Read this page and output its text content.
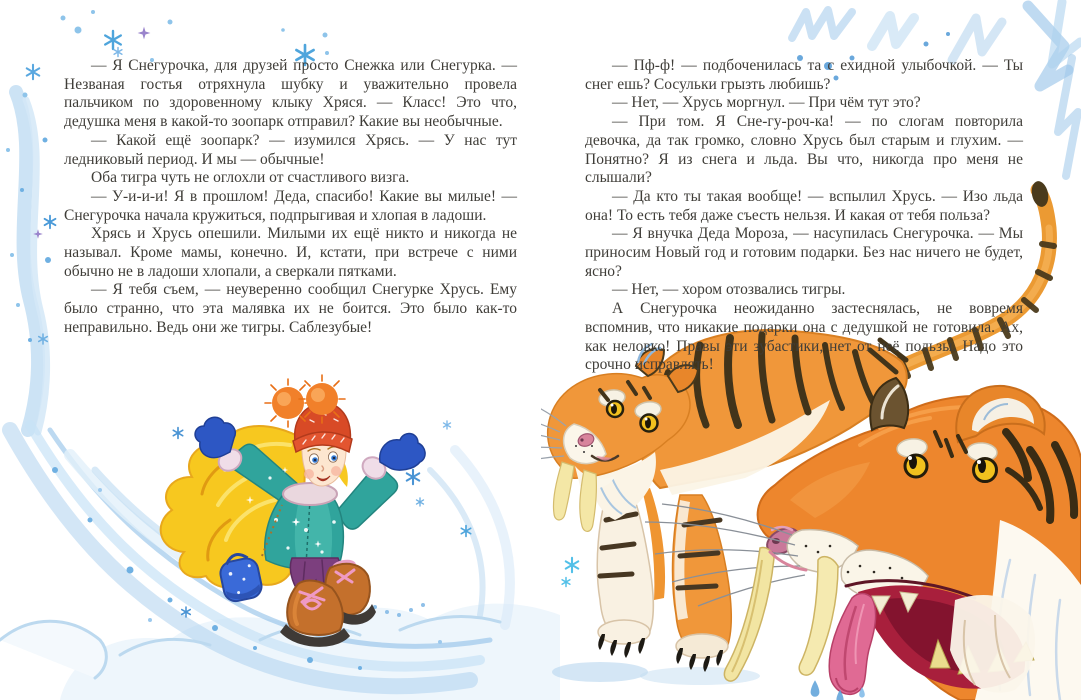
— Я Снегурочка, для друзей просто Снежка или Снегурка. — Незваная гостья отряхнула шубку и уважительно провела пальчиком по здоровенному клыку Хряся. — Класс! Это что, дедушка меня в какой-то зоопарк отправил? Какие вы необычные.

— Какой ещё зоопарк? — изумился Хрясь. — У нас тут ледниковый период. И мы — обычные!

Оба тигра чуть не оглохли от счастливого визга.

— У-и-и-и! Я в прошлом! Деда, спасибо! Какие вы милые! — Снегурочка начала кружиться, подпрыгивая и хлопая в ладоши.

Хрясь и Хрусь опешили. Милыми их ещё никто и никогда не называл. Кроме мамы, конечно. И, кстати, при встрече с ними обычно не в ладоши хлопали, а сверкали пятками.

— Я тебя съем, — неуверенно сообщил Снегурке Хрусь. Ему было странно, что эта малявка их не боится. Это было как-то неправильно. Ведь они же тигры. Саблезубые!

— Пф-ф! — подбоченилась та с ехидной улыбочкой. — Ты снег ешь? Сосульки грызть любишь?

— Нет, — Хрусь моргнул. — При чём тут это?

— При том. Я Сне-гу-роч-ка! — по слогам повторила девочка, да так громко, словно Хрусь был старым и глухим. — Понятно? Я из снега и льда. Вы что, никогда про меня не слышали?

— Да кто ты такая вообще! — вспылил Хрусь. — Изо льда она! То есть тебя даже съесть нельзя. И какая от тебя польза?

— Я внучка Деда Мороза, — насупилась Снегурочка. — Мы приносим Новый год и готовим подарки. Без нас ничего не будет, ясно?

— Нет, — хором отозвались тигры.

А Снегурочка неожиданно застеснялась, не вовремя вспомнив, что никакие подарки она с дедушкой не готовила. Ах, как неловко! Правы эти зубастики, нет от неё пользы. Надо это срочно исправлять!
